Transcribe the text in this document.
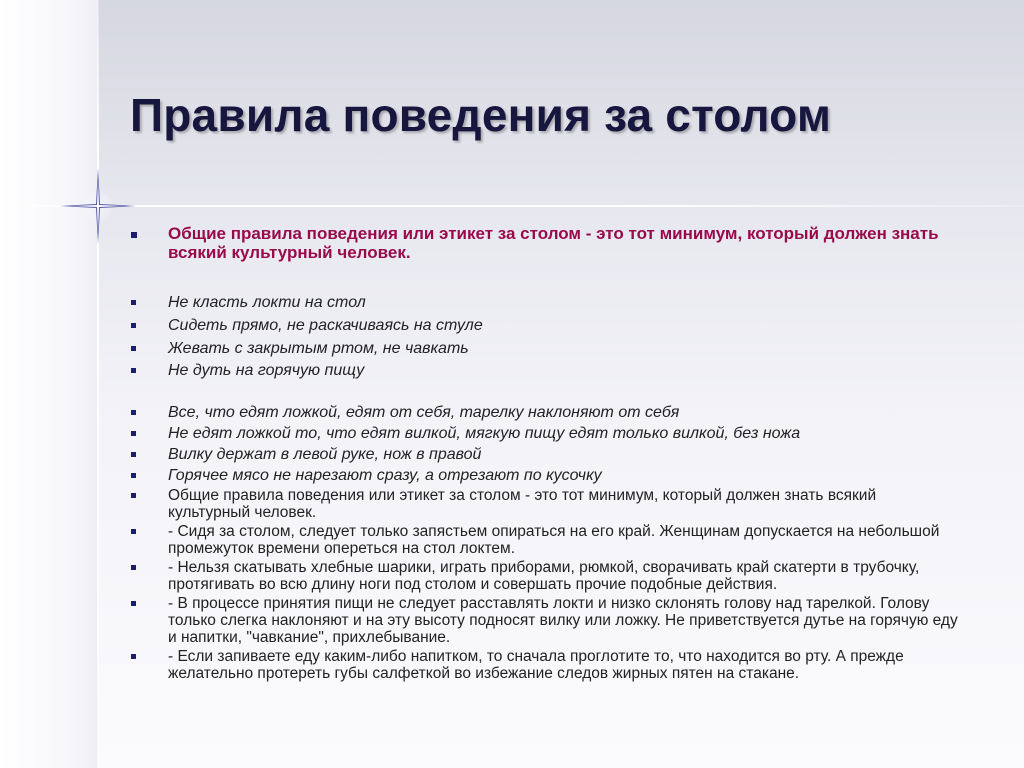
Правила поведения за столом
Общие правила поведения или этикет за столом - это тот минимум, который должен знать всякий культурный человек.
Не класть локти на стол
Сидеть прямо, не раскачиваясь на стуле
Жевать с закрытым ртом, не чавкать
Не дуть на горячую пищу
Все, что едят ложкой, едят от себя, тарелку наклоняют от себя
Не едят ложкой то, что едят вилкой, мягкую пищу едят только вилкой, без ножа
Вилку держат в левой руке, нож в правой
Горячее мясо не нарезают сразу, а отрезают по кусочку
Общие правила поведения или этикет за столом - это тот минимум, который должен знать всякий культурный человек.
- Сидя за столом, следует только запястьем опираться на его край. Женщинам допускается на небольшой промежуток времени опереться на стол локтем.
- Нельзя скатывать хлебные шарики, играть приборами, рюмкой, сворачивать край скатерти в трубочку, протягивать во всю длину ноги под столом и совершать прочие подобные действия.
- В процессе принятия пищи не следует расставлять локти и низко склонять голову над тарелкой. Голову только слегка наклоняют и на эту высоту подносят вилку или ложку. Не приветствуется дутье на горячую еду и напитки, "чавкание", прихлебывание.
- Если запиваете еду каким-либо напитком, то сначала проглотите то, что находится во рту. А прежде желательно протереть губы салфеткой во избежание следов жирных пятен на стакане.
